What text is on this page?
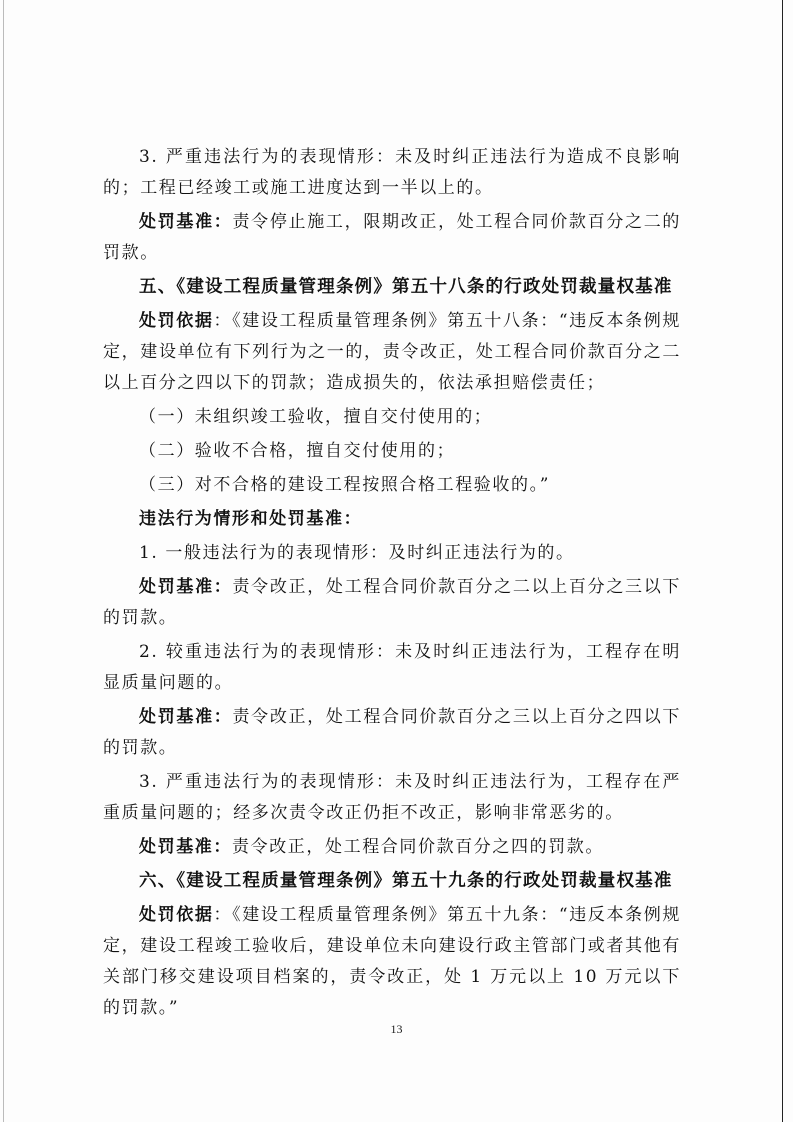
3. 严重违法行为的表现情形：未及时纠正违法行为造成不良影响的；工程已经竣工或施工进度达到一半以上的。

处罚基准：责令停止施工，限期改正，处工程合同价款百分之二的罚款。

五、《建设工程质量管理条例》第五十八条的行政处罚裁量权基准

处罚依据：《建设工程质量管理条例》第五十八条：“违反本条例规定，建设单位有下列行为之一的，责令改正，处工程合同价款百分之二以上百分之四以下的罚款；造成损失的，依法承担赔偿责任；

（一）未组织竣工验收，擅自交付使用的；

（二）验收不合格，擅自交付使用的；

（三）对不合格的建设工程按照合格工程验收的。”

违法行为情形和处罚基准：

1. 一般违法行为的表现情形：及时纠正违法行为的。

处罚基准：责令改正，处工程合同价款百分之二以上百分之三以下的罚款。

2. 较重违法行为的表现情形：未及时纠正违法行为，工程存在明显质量问题的。

处罚基准：责令改正，处工程合同价款百分之三以上百分之四以下的罚款。

3. 严重违法行为的表现情形：未及时纠正违法行为，工程存在严重质量问题的；经多次责令改正仍拒不改正，影响非常恶劣的。

处罚基准：责令改正，处工程合同价款百分之四的罚款。

六、《建设工程质量管理条例》第五十九条的行政处罚裁量权基准

处罚依据：《建设工程质量管理条例》第五十九条：“违反本条例规定，建设工程竣工验收后，建设单位未向建设行政主管部门或者其他有关部门移交建设项目档案的，责令改正，处 1 万元以上 10 万元以下的罚款。”

13
